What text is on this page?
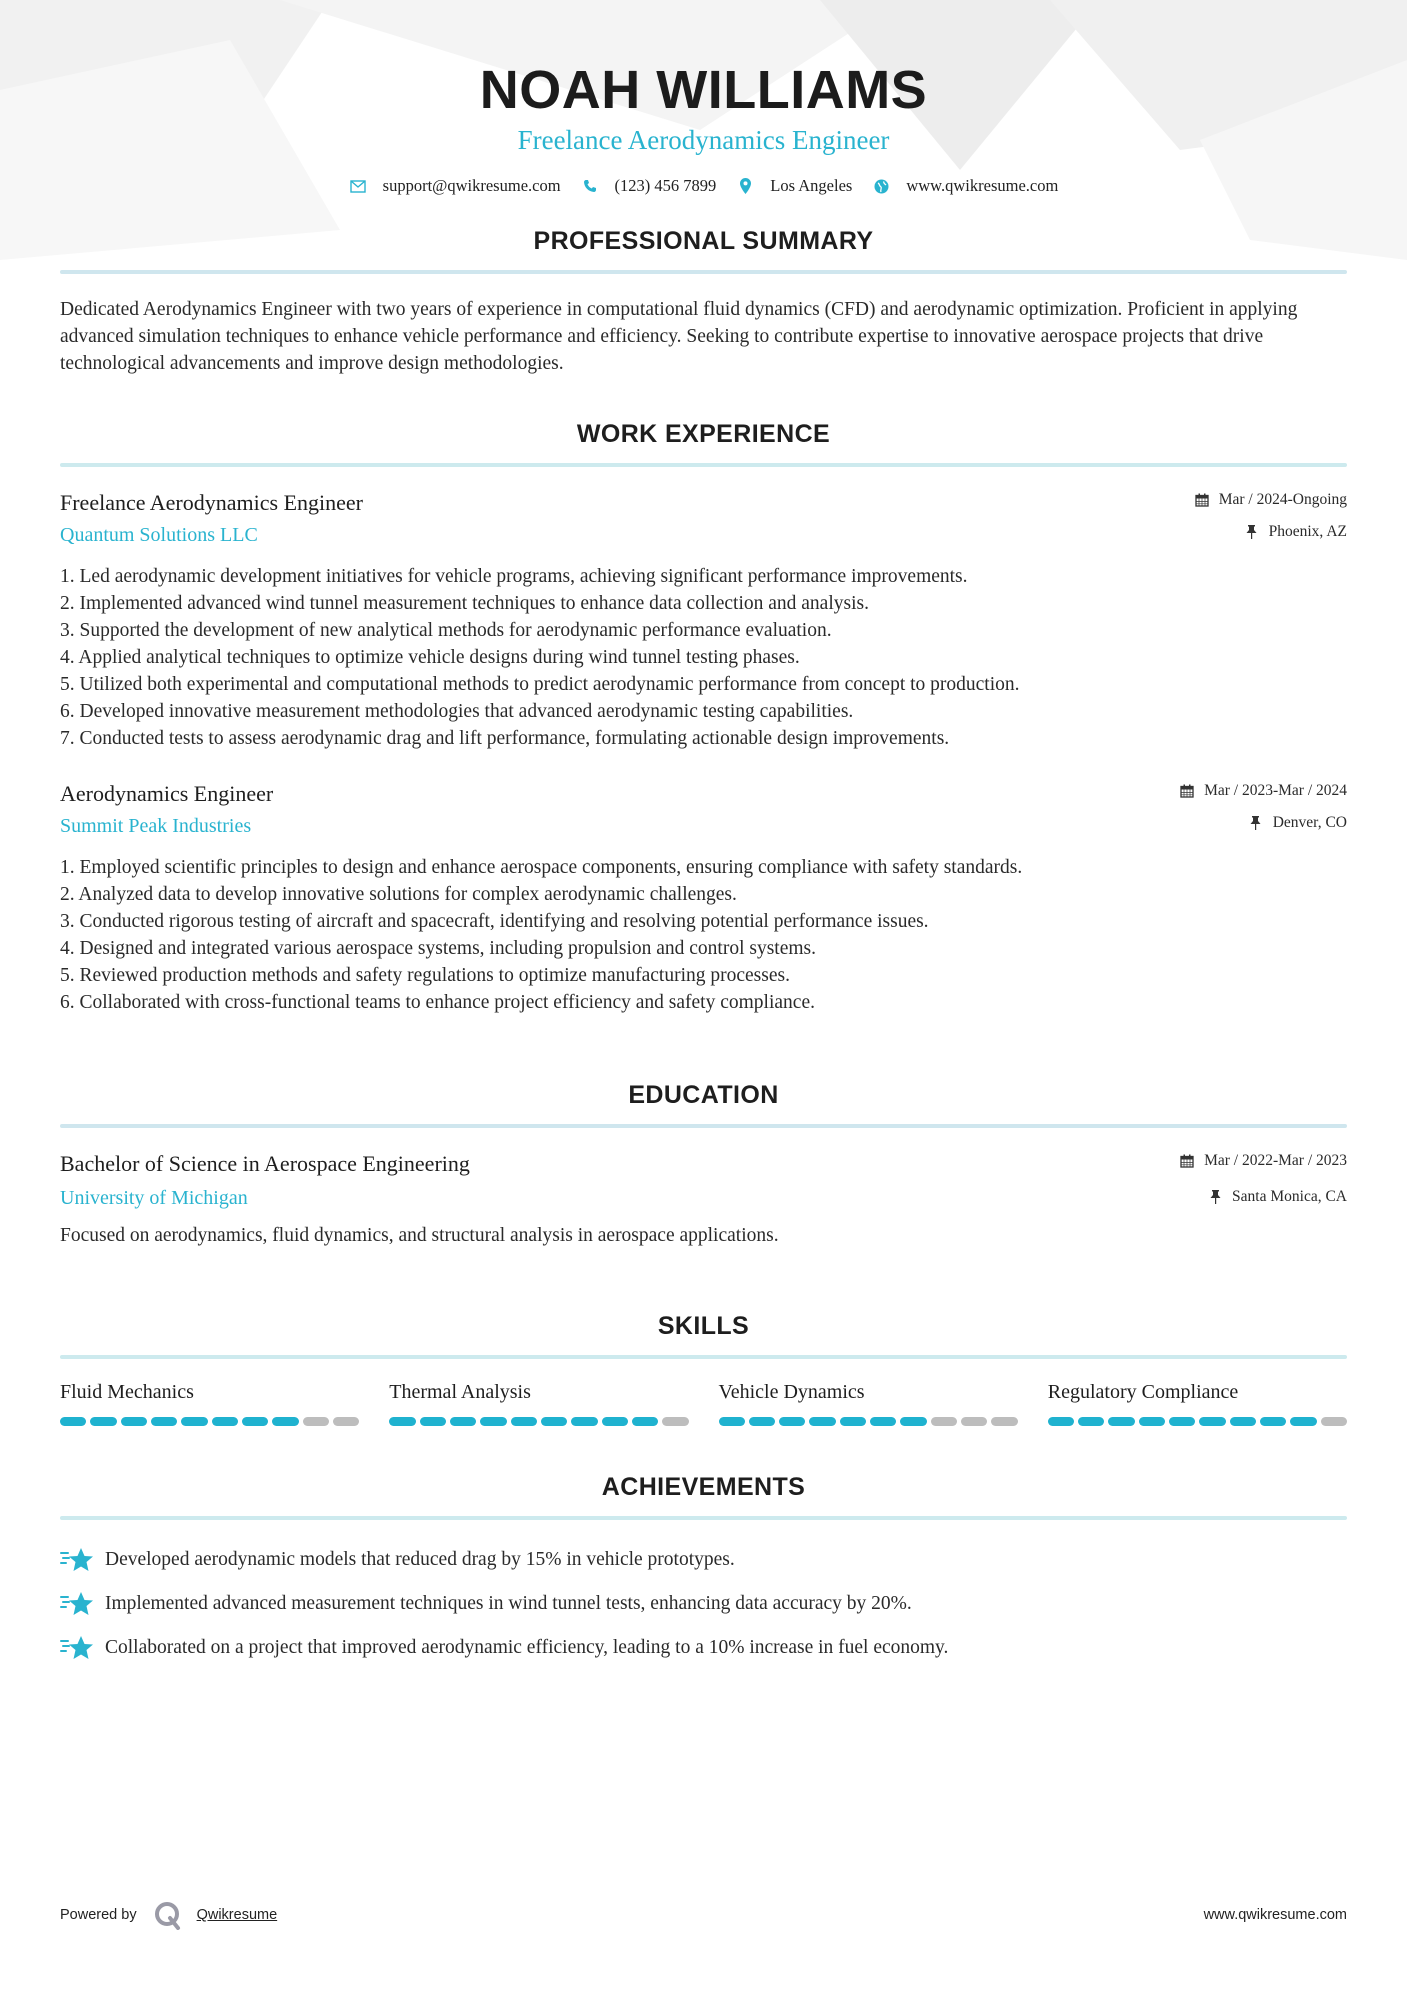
NOAH WILLIAMS
Freelance Aerodynamics Engineer
support@qwikresume.com	(123) 456 7899	Los Angeles	www.qwikresume.com
PROFESSIONAL SUMMARY

Dedicated Aerodynamics Engineer with two years of experience in computational fluid dynamics (CFD) and aerodynamic optimization. Proficient in applying advanced simulation techniques to enhance vehicle performance and efficiency. Seeking to contribute expertise to innovative aerospace projects that drive technological advancements and improve design methodologies.

WORK EXPERIENCE
Freelance Aerodynamics Engineer
Quantum Solutions LLC
Mar / 2024-Ongoing
Phoenix, AZ
1. Led aerodynamic development initiatives for vehicle programs, achieving significant performance improvements.
2. Implemented advanced wind tunnel measurement techniques to enhance data collection and analysis.
3. Supported the development of new analytical methods for aerodynamic performance evaluation.
4. Applied analytical techniques to optimize vehicle designs during wind tunnel testing phases.
5. Utilized both experimental and computational methods to predict aerodynamic performance from concept to production.
6. Developed innovative measurement methodologies that advanced aerodynamic testing capabilities.
7. Conducted tests to assess aerodynamic drag and lift performance, formulating actionable design improvements.
Aerodynamics Engineer
Summit Peak Industries
Mar / 2023-Mar / 2024
Denver, CO
1. Employed scientific principles to design and enhance aerospace components, ensuring compliance with safety standards.
2. Analyzed data to develop innovative solutions for complex aerodynamic challenges.
3. Conducted rigorous testing of aircraft and spacecraft, identifying and resolving potential performance issues.
4. Designed and integrated various aerospace systems, including propulsion and control systems.
5. Reviewed production methods and safety regulations to optimize manufacturing processes.
6. Collaborated with cross-functional teams to enhance project efficiency and safety compliance.
EDUCATION
Bachelor of Science in Aerospace Engineering
University of Michigan
Mar / 2022-Mar / 2023
Santa Monica, CA

Focused on aerodynamics, fluid dynamics, and structural analysis in aerospace applications.

SKILLS
Fluid Mechanics	Thermal Analysis	Vehicle Dynamics	Regulatory Compliance
ACHIEVEMENTS
Developed aerodynamic models that reduced drag by 15% in vehicle prototypes.
Implemented advanced measurement techniques in wind tunnel tests, enhancing data accuracy by 20%.
Collaborated on a project that improved aerodynamic efficiency, leading to a 10% increase in fuel economy.
Powered by	Qwikresume	www.qwikresume.com
